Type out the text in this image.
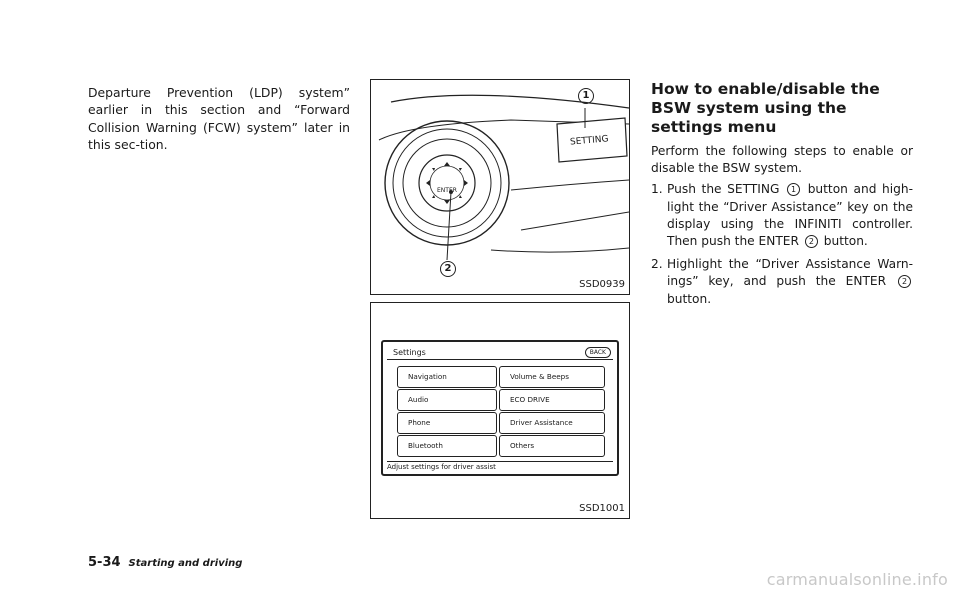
Departure Prevention (LDP) system” earlier in this section and “Forward Collision Warning (FCW) system” later in this sec-tion.	SETTING
ENTER
1
2
SSD0939
Settings	BACK
Navigation
Audio
Phone
Bluetooth
Volume & Beeps
ECO DRIVE
Driver Assistance
Others
Adjust settings for driver assist
SSD1001
How to enable/disable the BSW system using the settings menu
Perform the following steps to enable or disable the BSW system.
1. Push the SETTING 1 button and high-light the “Driver Assistance” key on the display using the INFINITI controller. Then push the ENTER 2 button.
2. Highlight the “Driver Assistance Warn-ings” key, and push the ENTER 2 button.
5-34 Starting and driving
carmanualsonline.info
